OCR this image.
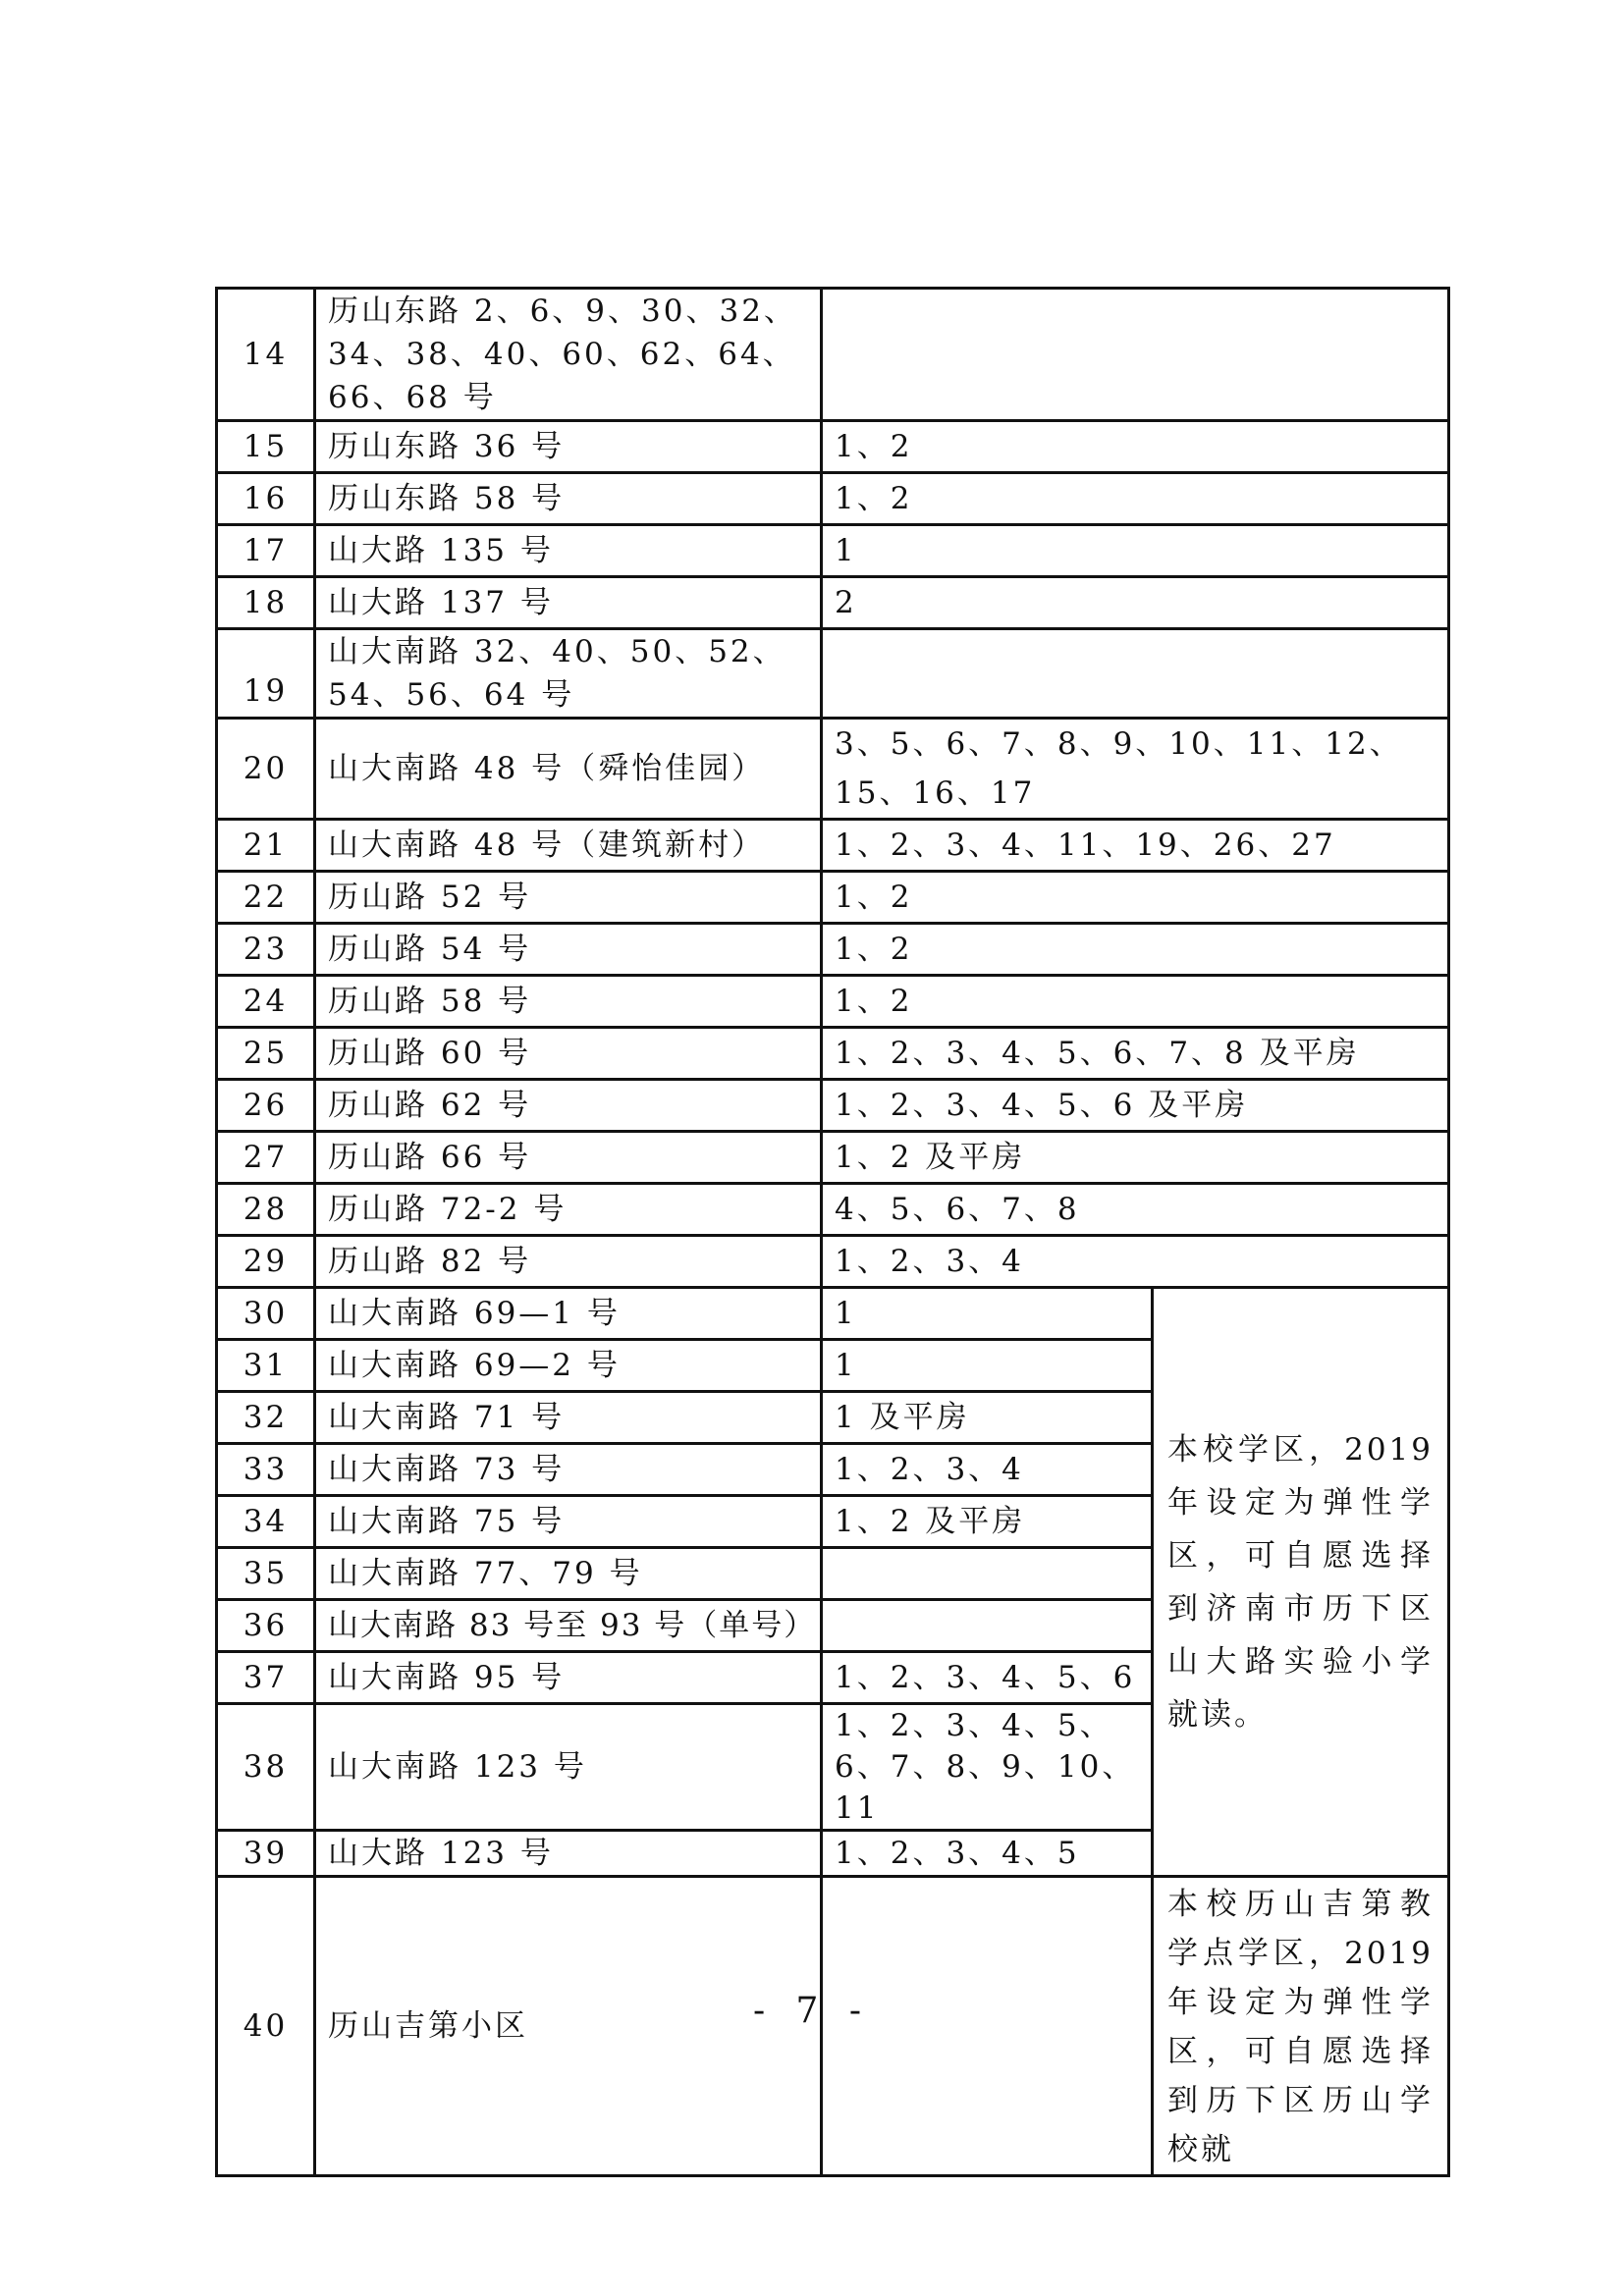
14	历山东路 2、6、9、30、32、34、38、40、60、62、64、66、68 号		
15	历山东路 36 号	1、2	
16	历山东路 58 号	1、2	
17	山大路 135 号	1	
18	山大路 137 号	2	
19	山大南路 32、40、50、52、54、56、64 号		
20	山大南路 48 号（舜怡佳园）	3、5、6、7、8、9、10、11、12、15、16、17	
21	山大南路 48 号（建筑新村）	1、2、3、4、11、19、26、27	
22	历山路 52 号	1、2	
23	历山路 54 号	1、2	
24	历山路 58 号	1、2	
25	历山路 60 号	1、2、3、4、5、6、7、8 及平房	
26	历山路 62 号	1、2、3、4、5、6 及平房	
27	历山路 66 号	1、2 及平房	
28	历山路 72-2 号	4、5、6、7、8	
29	历山路 82 号	1、2、3、4	
30	山大南路 69—1 号	1	本校学区，2019 年设定为弹性学区，可自愿选择到济南市历下区山大路实验小学就读。
31	山大南路 69—2 号	1	
32	山大南路 71 号	1 及平房	
33	山大南路 73 号	1、2、3、4	
34	山大南路 75 号	1、2 及平房	
35	山大南路 77、79 号		
36	山大南路 83 号至 93 号（单号）		
37	山大南路 95 号	1、2、3、4、5、6	
38	山大南路 123 号	1、2、3、4、5、6、7、8、9、10、11	
39	山大路 123 号	1、2、3、4、5	
40	历山吉第小区		本校历山吉第教学点学区，2019 年设定为弹性学区，可自愿选择到历下区历山学校就
- 7 -
